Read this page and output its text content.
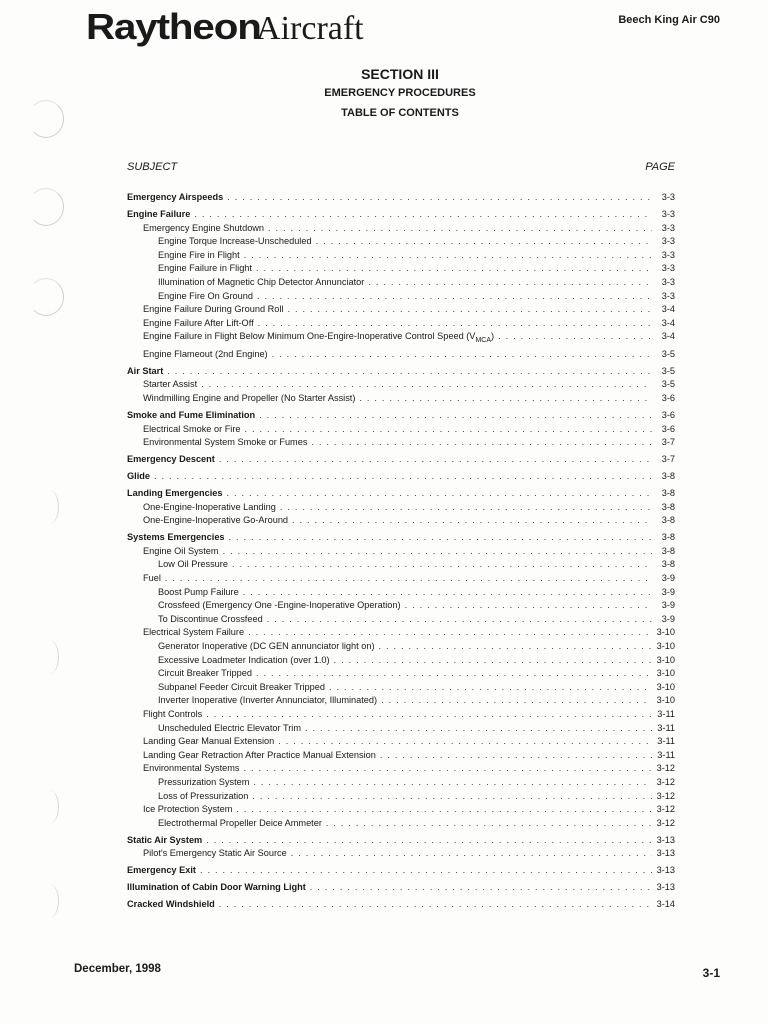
Raytheon
Aircraft	Beech King Air C90
SECTION III
EMERGENCY PROCEDURES
TABLE OF CONTENTS
SUBJECT	PAGE
Emergency Airspeeds . . .	3-3
Engine Failure . . .	3-3
Emergency Engine Shutdown . . .	3-3
Engine Torque Increase-Unscheduled . . .	3-3
Engine Fire in Flight . . .	3-3
Engine Failure in Flight . . .	3-3
Illumination of Magnetic Chip Detector Annunciator . . .	3-3
Engine Fire On Ground . . .	3-3
Engine Failure During Ground Roll . . .	3-4
Engine Failure After Lift-Off . . .	3-4
Engine Failure in Flight Below Minimum One-Engire-Inoperative Control Speed $(V_{MCA})$ . . .	3-4
Engine Flameout (2nd Engine) . . .	3-5
Air Start . . .	3-5
Starter Assist . . .	3-5
Windmilling Engine and Propeller (No Starter Assist) . . .	3-6
Smoke and Fume Elimination . . .	3-6
Electrical Smoke or Fire . . .	3-6
Environmental System Smoke or Fumes . . .	3-7
Emergency Descent . . .	3-7
Glide . . .	3-8
Landing Emergencies . . .	3-8
One-Engine-Inoperative Landing . . .	3-8
One-Engine-Inoperative Go-Around . . .	3-8
Systems Emergencies . . .	3-8
Engine Oil System . . .	3-8
Low Oil Pressure . . .	3-8
Fuel . . .	3-9
Boost Pump Failure . . .	3-9
Crossfeed (Emergency One -Engine-Inoperative Operation) . . .	3-9
To Discontinue Crossfeed . . .	3-9
Electrical System Failure . . .	3-10
Generator Inoperative (DC GEN annunciator light on) . . .	3-10
Excessive Loadmeter Indication (over 1.0) . . .	3-10
Circuit Breaker Tripped . . .	3-10
Subpanel Feeder Circuit Breaker Tripped . . .	3-10
Inverter Inoperative (Inverter Annunciator, Illuminated) . . .	3-10
Flight Controls . . .	3-11
Unscheduled Electric Elevator Trim . . .	3-11
Landing Gear Manual Extension . . .	3-11
Landing Gear Retraction After Practice Manual Extension . . .	3-11
Environmental Systems . . .	3-12
Pressurization System . . .	3-12
Loss of Pressurization . . .	3-12
Ice Protection System . . .	3-12
Electrothermal Propeller Deice Ammeter . . .	3-12
Static Air System . . .	3-13
Pilot's Emergency Static Air Source . . .	3-13
Emergency Exit . . .	3-13
Illumination of Cabin Door Warning Light . . .	3-13
Cracked Windshield . . .	3-14
December, 1998	3-1
